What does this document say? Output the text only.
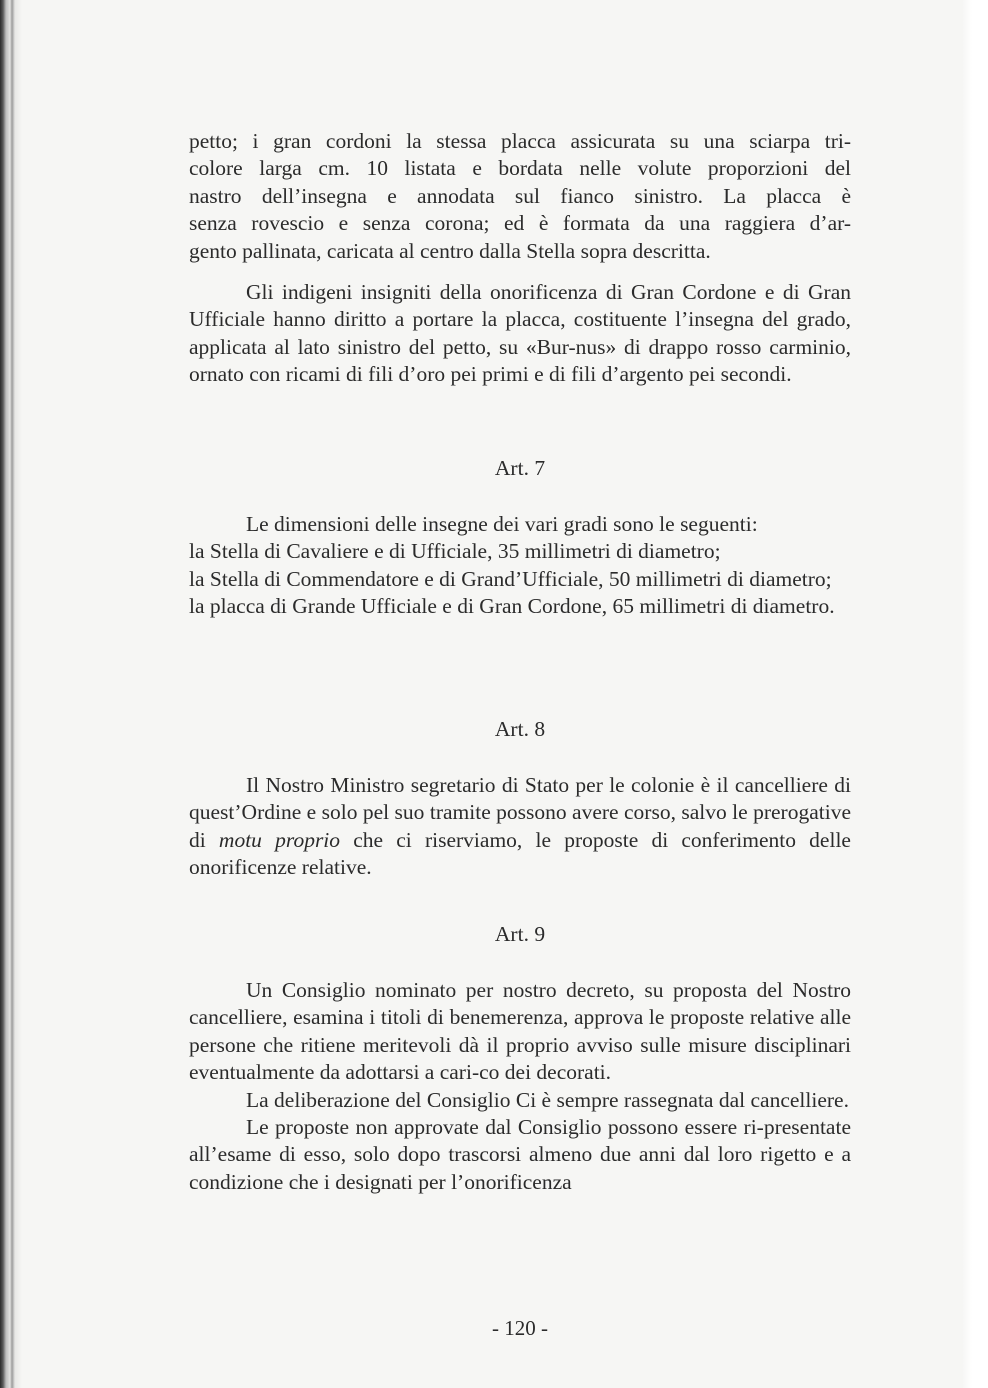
petto; i gran cordoni la stessa placca assicurata su una sciarpa tri-
colore larga cm. 10 listata e bordata nelle volute proporzioni del
nastro dell’insegna e annodata sul fianco sinistro. La placca è
senza rovescio e senza corona; ed è formata da una raggiera d’ar-
gento pallinata, caricata al centro dalla Stella sopra descritta.

Gli indigeni insigniti della onorificenza di Gran Cordone e di Gran Ufficiale hanno diritto a portare la placca, costituente l’insegna del grado, applicata al lato sinistro del petto, su «Bur-nus» di drappo rosso carminio, ornato con ricami di fili d’oro pei primi e di fili d’argento pei secondi.

Art. 7

Le dimensioni delle insegne dei vari gradi sono le seguenti:

la Stella di Cavaliere e di Ufficiale, 35 millimetri di diametro;

la Stella di Commendatore e di Grand’Ufficiale, 50 millimetri di diametro;

la placca di Grande Ufficiale e di Gran Cordone, 65 millimetri di diametro.

Art. 8

Il Nostro Ministro segretario di Stato per le colonie è il cancelliere di quest’Ordine e solo pel suo tramite possono avere corso, salvo le prerogative di motu proprio che ci riserviamo, le proposte di conferimento delle onorificenze relative.

Art. 9

Un Consiglio nominato per nostro decreto, su proposta del Nostro cancelliere, esamina i titoli di benemerenza, approva le proposte relative alle persone che ritiene meritevoli dà il proprio avviso sulle misure disciplinari eventualmente da adottarsi a cari-co dei decorati.

La deliberazione del Consiglio Ci è sempre rassegnata dal cancelliere.

Le proposte non approvate dal Consiglio possono essere ri-presentate all’esame di esso, solo dopo trascorsi almeno due anni dal loro rigetto e a condizione che i designati per l’onorificenza

- 120 -
